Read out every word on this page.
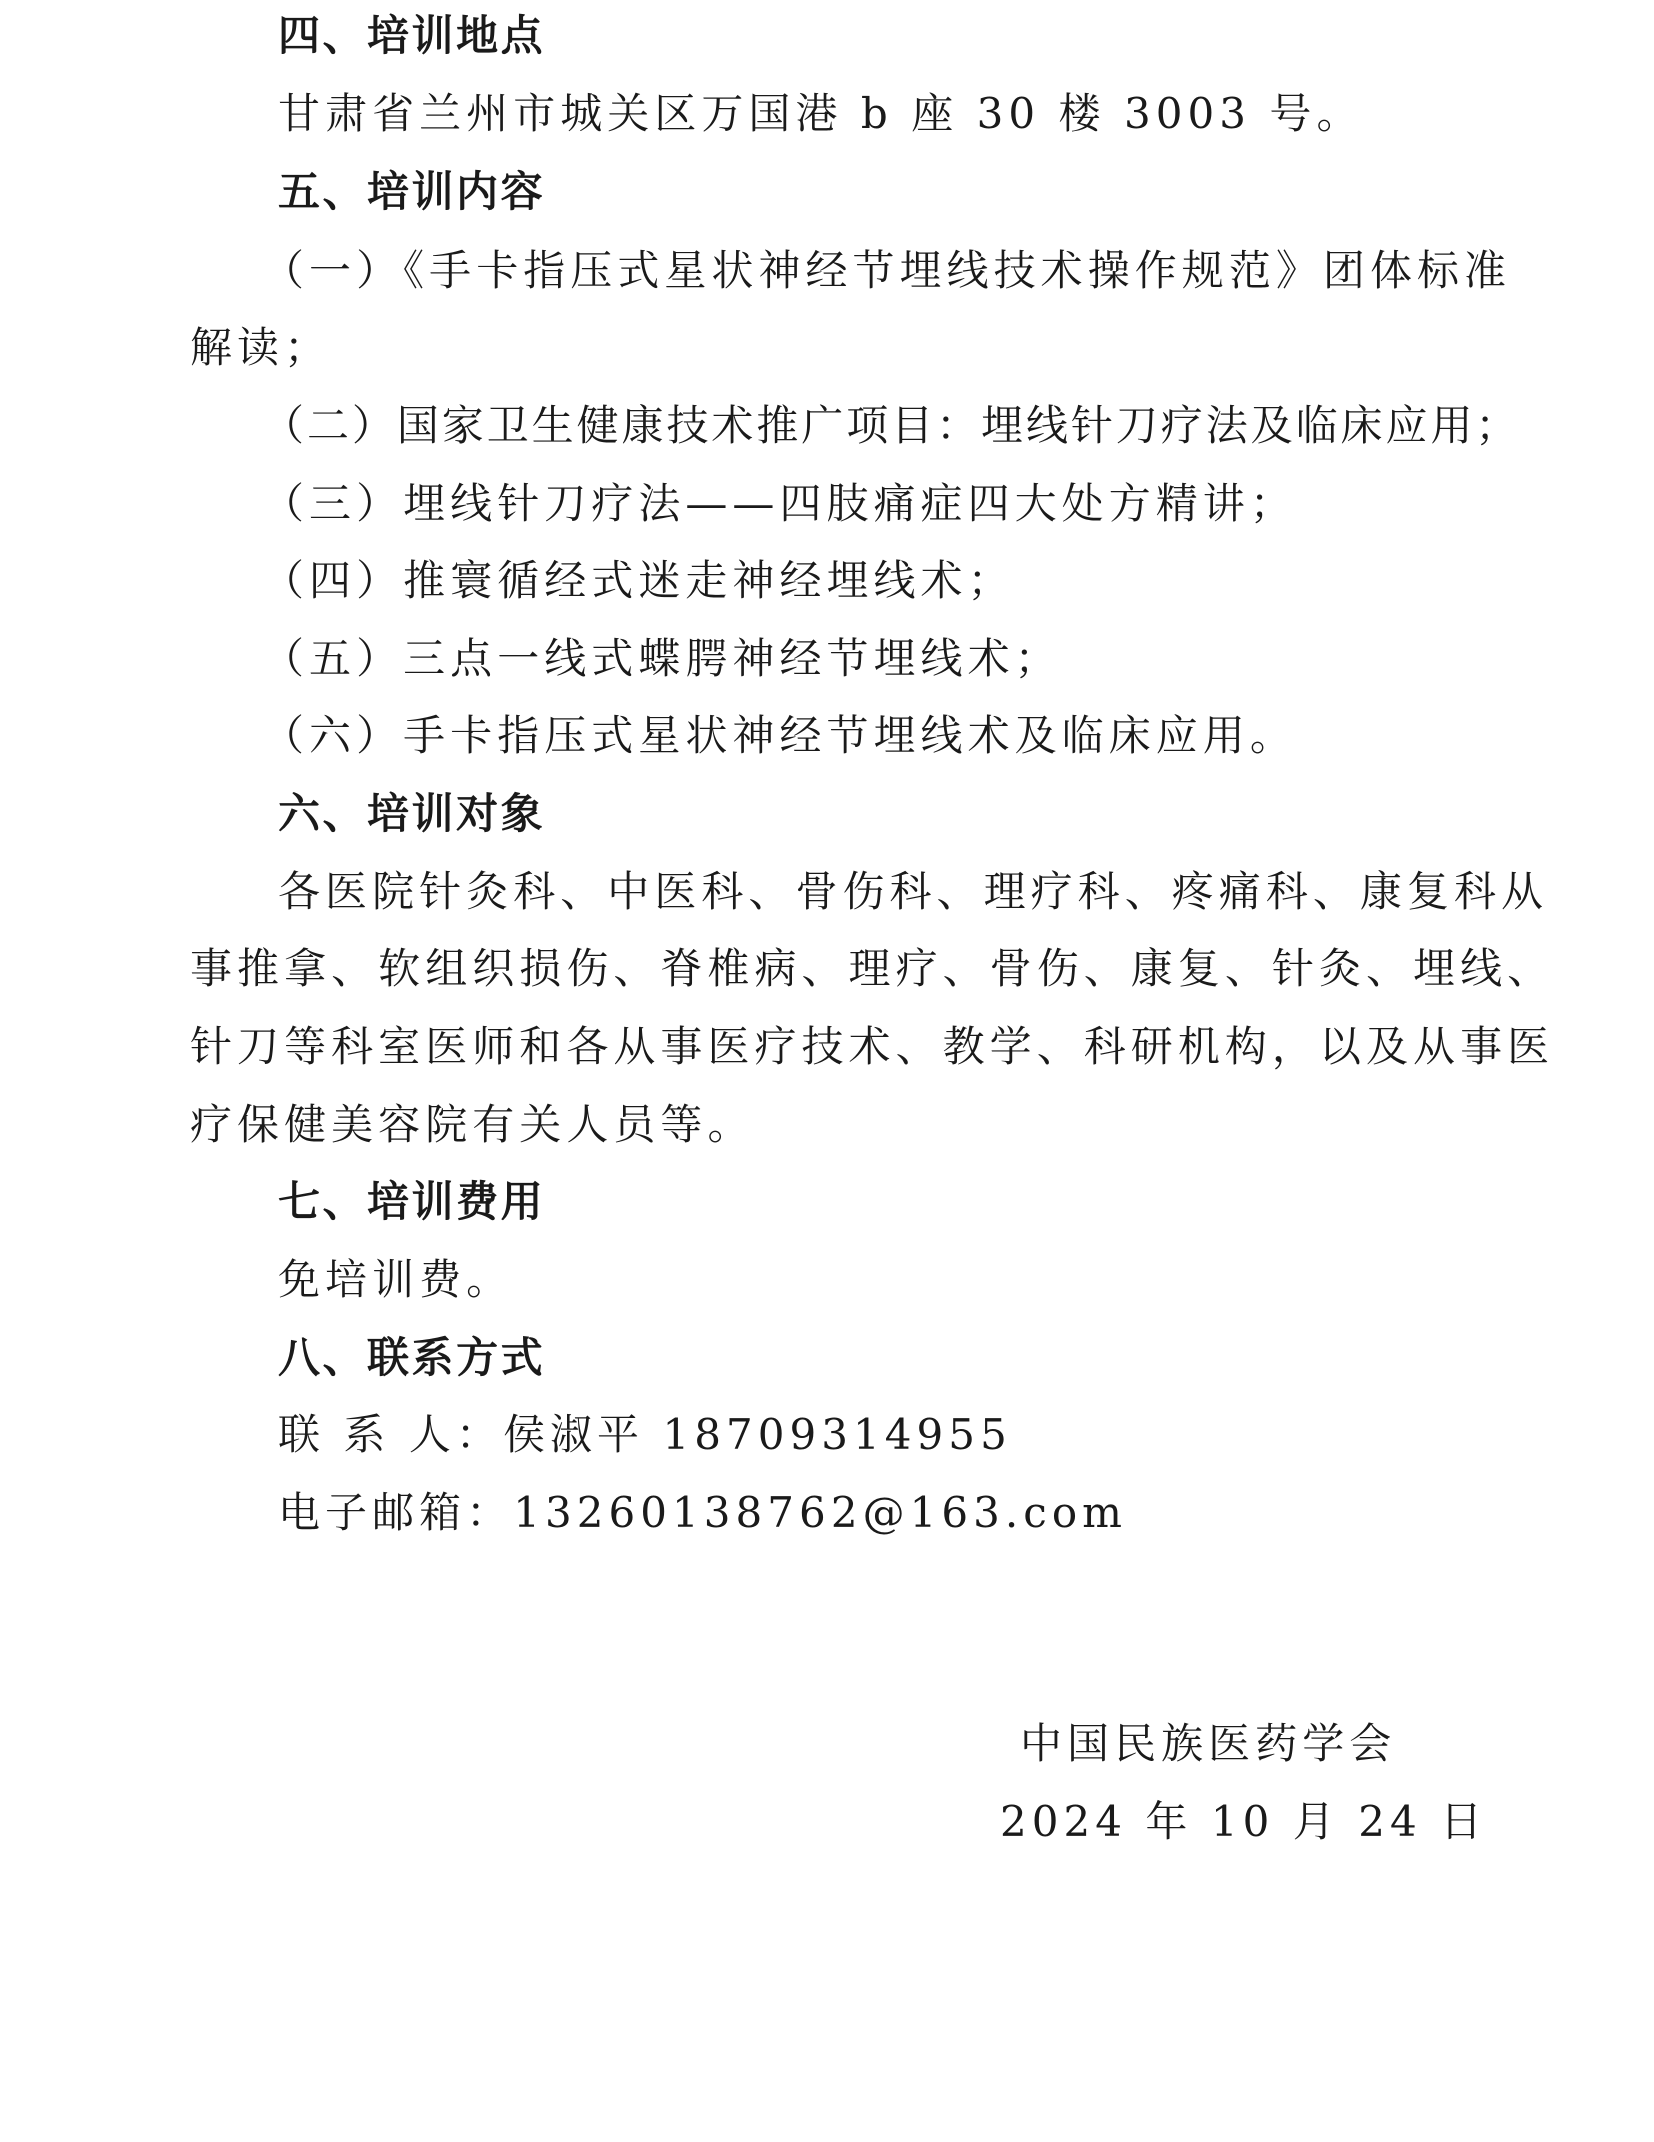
四、培训地点
甘肃省兰州市城关区万国港 b 座 30 楼 3003 号。
五、培训内容
（一）《手卡指压式星状神经节埋线技术操作规范》团体标准
解读；
（二）国家卫生健康技术推广项目：埋线针刀疗法及临床应用；
（三）埋线针刀疗法——四肢痛症四大处方精讲；
（四）推寰循经式迷走神经埋线术；
（五）三点一线式蝶腭神经节埋线术；
（六）手卡指压式星状神经节埋线术及临床应用。
六、培训对象
各医院针灸科、中医科、骨伤科、理疗科、疼痛科、康复科从
事推拿、软组织损伤、脊椎病、理疗、骨伤、康复、针灸、埋线、
针刀等科室医师和各从事医疗技术、教学、科研机构，以及从事医
疗保健美容院有关人员等。
七、培训费用
免培训费。
八、联系方式
联 系 人：侯淑平 18709314955
电子邮箱：13260138762@163.com
中国民族医药学会
2024 年 10 月 24 日
